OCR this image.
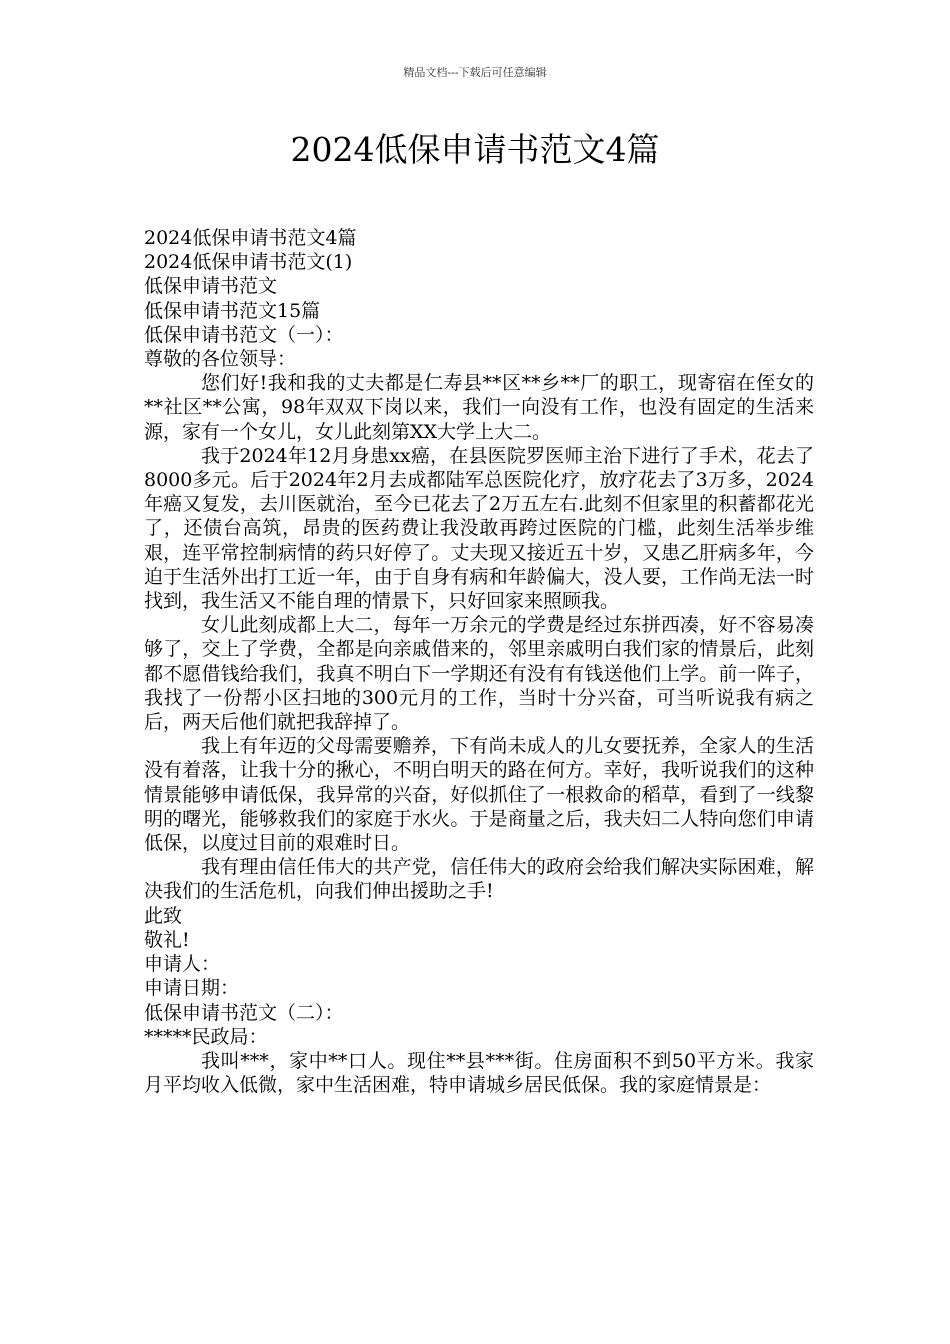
精品文档---下载后可任意编辑
2024低保申请书范文4篇

2024低保申请书范文4篇

2024低保申请书范文(1)

低保申请书范文

低保申请书范文15篇

低保申请书范文（一）：

尊敬的各位领导：

您们好!我和我的丈夫都是仁寿县**区**乡**厂的职工，现寄宿在侄女的**社区**公寓，98年双双下岗以来，我们一向没有工作，也没有固定的生活来源，家有一个女儿，女儿此刻第XX大学上大二。

我于2024年12月身患xx癌，在县医院罗医师主治下进行了手术，花去了8000多元。后于2024年2月去成都陆军总医院化疗，放疗花去了3万多，2024年癌又复发，去川医就治，至今已花去了2万五左右.此刻不但家里的积蓄都花光了，还债台高筑，昂贵的医药费让我没敢再跨过医院的门槛，此刻生活举步维艰，连平常控制病情的药只好停了。丈夫现又接近五十岁，又患乙肝病多年，今迫于生活外出打工近一年，由于自身有病和年龄偏大，没人要，工作尚无法一时找到，我生活又不能自理的情景下，只好回家来照顾我。

女儿此刻成都上大二，每年一万余元的学费是经过东拼西凑，好不容易凑够了，交上了学费，全都是向亲戚借来的，邻里亲戚明白我们家的情景后，此刻都不愿借钱给我们，我真不明白下一学期还有没有有钱送他们上学。前一阵子，我找了一份帮小区扫地的300元月的工作，当时十分兴奋，可当听说我有病之后，两天后他们就把我辞掉了。

我上有年迈的父母需要赡养，下有尚未成人的儿女要抚养，全家人的生活没有着落，让我十分的揪心，不明白明天的路在何方。幸好，我听说我们的这种情景能够申请低保，我异常的兴奋，好似抓住了一根救命的稻草，看到了一线黎明的曙光，能够救我们的家庭于水火。于是商量之后，我夫妇二人特向您们申请低保，以度过目前的艰难时日。

我有理由信任伟大的共产党，信任伟大的政府会给我们解决实际困难，解决我们的生活危机，向我们伸出援助之手!

此致

敬礼!

申请人：

申请日期：

低保申请书范文（二）：

*****民政局：

我叫***，家中**口人。现住**县***街。住房面积不到50平方米。我家月平均收入低微，家中生活困难，特申请城乡居民低保。我的家庭情景是：
